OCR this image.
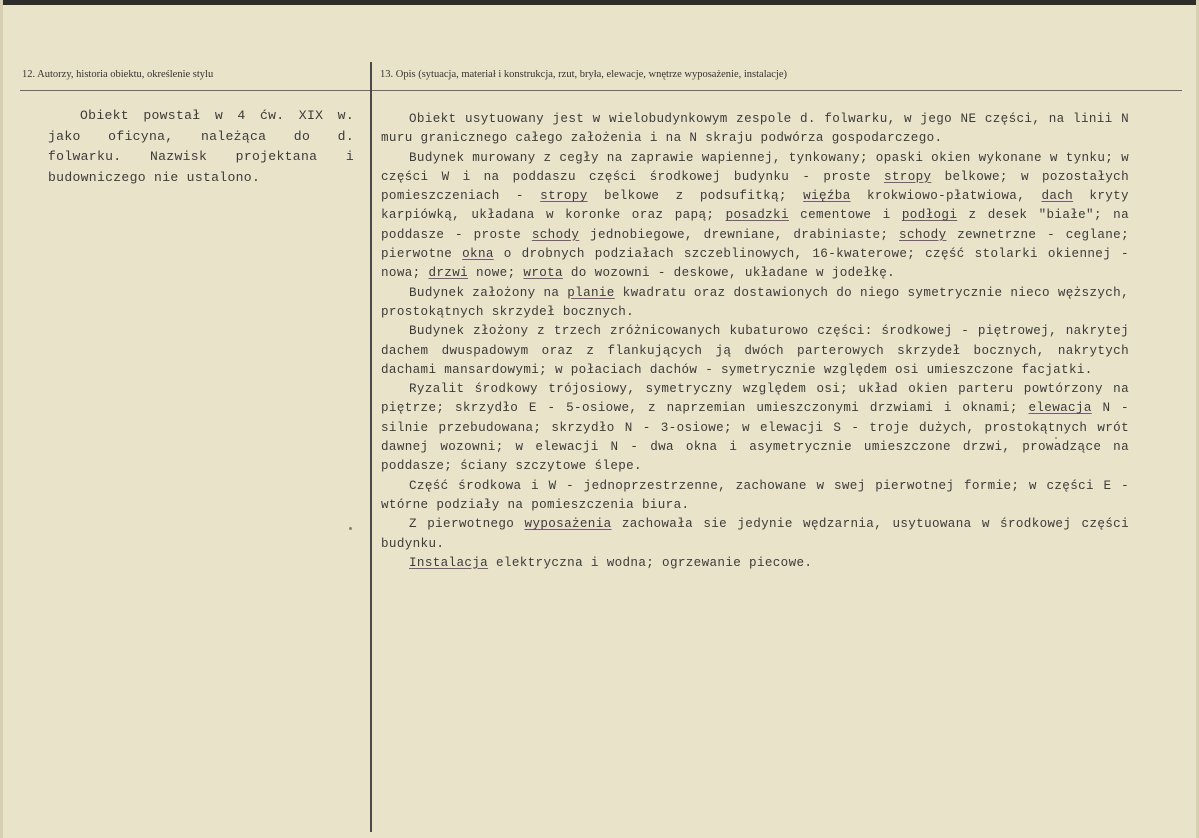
12. Autorzy, historia obiektu, określenie stylu	13. Opis (sytuacja, materiał i konstrukcja, rzut, bryła, elewacje, wnętrze wyposażenie, instalacje)
Obiekt powstał w 4 ćw. XIX w. jako oficyna, należąca do d. folwarku. Nazwisk projektana i budowniczego nie ustalono.

Obiekt usytuowany jest w wielobudynkowym zespole d. folwarku, w jego NE części, na linii N muru granicznego całego założenia i na N skraju podwórza gospodarczego.

Budynek murowany z cegły na zaprawie wapiennej, tynkowany; opaski okien wykonane w tynku; w części W i na poddaszu części środkowej budynku - proste stropy belkowe; w pozostałych pomieszczeniach - stropy belkowe z podsufitką; więźba krokwiowo-płatwiowa, dach kryty karpiówką, układana w koronke oraz papą; posadzki cementowe i podłogi z desek "białe"; na poddasze - proste schody jednobiegowe, drewniane, drabiniaste; schody zewnetrzne - ceglane; pierwotne okna o drobnych podziałach szczeblinowych, 16-kwaterowe; część stolarki okiennej - nowa; drzwi nowe; wrota do wozowni - deskowe, układane w jodełkę.

Budynek założony na planie kwadratu oraz dostawionych do niego symetrycznie nieco węższych, prostokątnych skrzydeł bocznych.

Budynek złożony z trzech zróżnicowanych kubaturowo części: środkowej - piętrowej, nakrytej dachem dwuspadowym oraz z flankujących ją dwóch parterowych skrzydeł bocznych, nakrytych dachami mansardowymi; w połaciach dachów - symetrycznie względem osi umieszczone facjatki.

Ryzalit środkowy trójosiowy, symetryczny względem osi; układ okien parteru powtórzony na piętrze; skrzydło E - 5-osiowe, z naprzemian umieszczonymi drzwiami i oknami; elewacja N - silnie przebudowana; skrzydło N - 3-osiowe; w elewacji S - troje dużych, prostokątnych wrót dawnej wozowni; w elewacji N - dwa okna i asymetrycznie umieszczone drzwi, prowadzące na poddasze; ściany szczytowe ślepe.

Część środkowa i W - jednoprzestrzenne, zachowane w swej pierwotnej formie; w części E - wtórne podziały na pomieszczenia biura.

Z pierwotnego wyposażenia zachowała sie jedynie wędzarnia, usytuowana w środkowej części budynku.

Instalacja elektryczna i wodna; ogrzewanie piecowe.
